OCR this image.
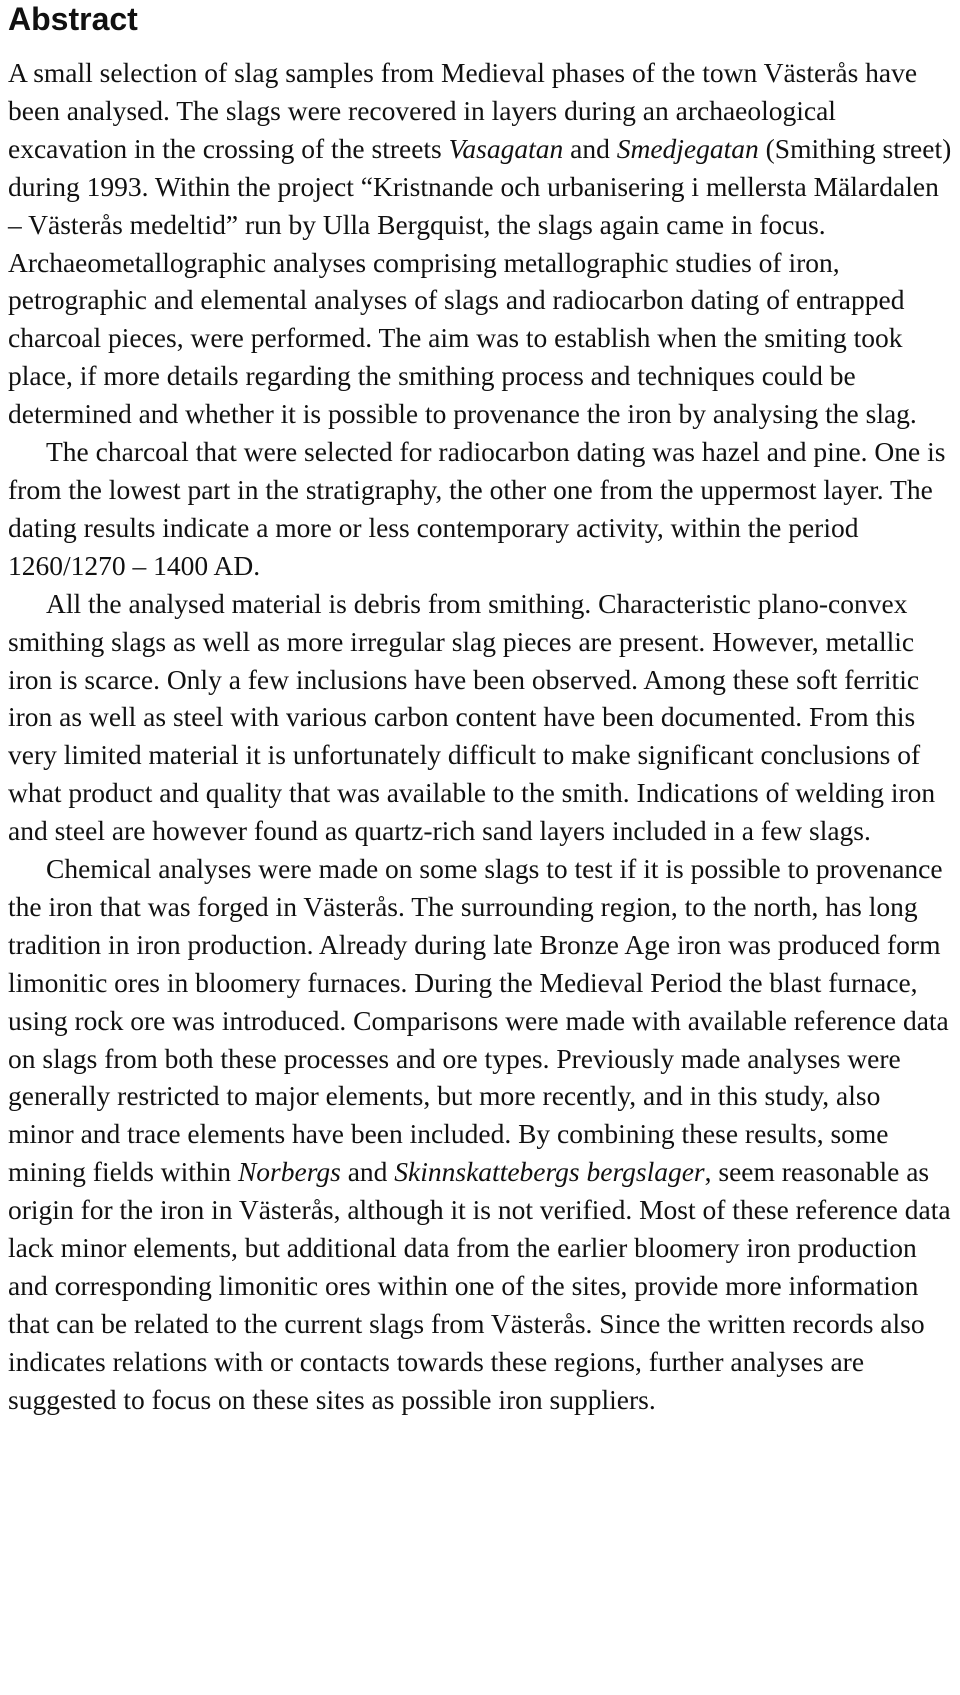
Abstract

A small selection of slag samples from Medieval phases of the town Västerås have been analysed. The slags were recovered in layers during an archaeological excavation in the crossing of the streets Vasagatan and Smedjegatan (Smithing street) during 1993. Within the project “Kristnande och urbanisering i mellersta Mälardalen – Västerås medeltid” run by Ulla Bergquist, the slags again came in focus. Archaeometallographic analyses comprising metallographic studies of iron, petrographic and elemental analyses of slags and radiocarbon dating of entrapped charcoal pieces, were performed. The aim was to establish when the smiting took place, if more details regarding the smithing process and techniques could be determined and whether it is possible to provenance the iron by analysing the slag.

The charcoal that were selected for radiocarbon dating was hazel and pine. One is from the lowest part in the stratigraphy, the other one from the uppermost layer. The dating results indicate a more or less contemporary activity, within the period 1260/1270 – 1400 AD.

All the analysed material is debris from smithing. Characteristic plano-convex smithing slags as well as more irregular slag pieces are present. However, metallic iron is scarce. Only a few inclusions have been observed. Among these soft ferritic iron as well as steel with various carbon content have been documented. From this very limited material it is unfortunately difficult to make significant conclusions of what product and quality that was available to the smith. Indications of welding iron and steel are however found as quartz-rich sand layers included in a few slags.

Chemical analyses were made on some slags to test if it is possible to provenance the iron that was forged in Västerås. The surrounding region, to the north, has long tradition in iron production. Already during late Bronze Age iron was produced form limonitic ores in bloomery furnaces. During the Medieval Period the blast furnace, using rock ore was introduced. Comparisons were made with available reference data on slags from both these processes and ore types. Previously made analyses were generally restricted to major elements, but more recently, and in this study, also minor and trace elements have been included. By combining these results, some mining fields within Norbergs and Skinnskattebergs bergslager, seem reasonable as origin for the iron in Västerås, although it is not verified. Most of these reference data lack minor elements, but additional data from the earlier bloomery iron production and corresponding limonitic ores within one of the sites, provide more information that can be related to the current slags from Västerås. Since the written records also indicates relations with or contacts towards these regions, further analyses are suggested to focus on these sites as possible iron suppliers.
